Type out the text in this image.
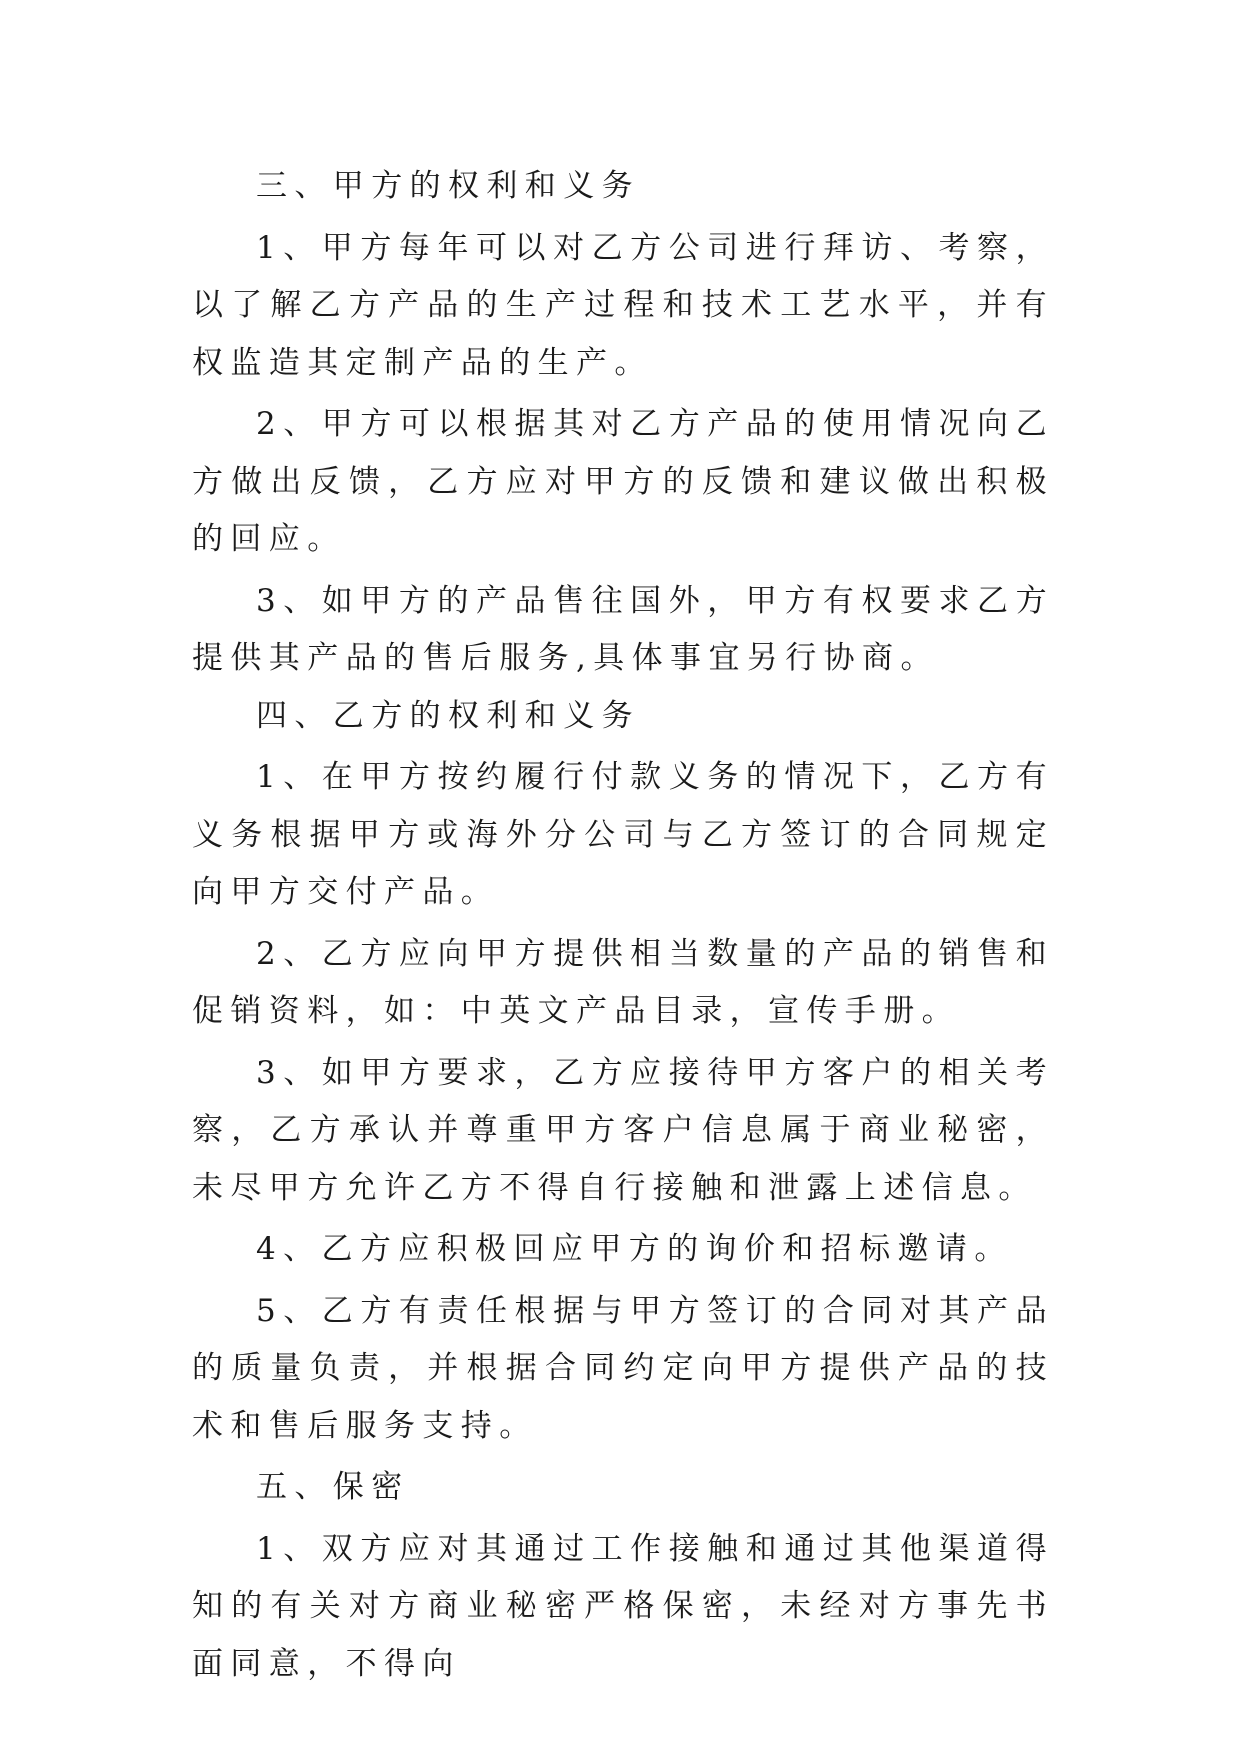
三、甲方的权利和义务

1、甲方每年可以对乙方公司进行拜访、考察，以了解乙方产品的生产过程和技术工艺水平，并有权监造其定制产品的生产。

2、甲方可以根据其对乙方产品的使用情况向乙方做出反馈，乙方应对甲方的反馈和建议做出积极的回应。

3、如甲方的产品售往国外，甲方有权要求乙方提供其产品的售后服务,具体事宜另行协商。

四、乙方的权利和义务

1、在甲方按约履行付款义务的情况下，乙方有义务根据甲方或海外分公司与乙方签订的合同规定向甲方交付产品。

2、乙方应向甲方提供相当数量的产品的销售和促销资料，如：中英文产品目录，宣传手册。

3、如甲方要求，乙方应接待甲方客户的相关考察，乙方承认并尊重甲方客户信息属于商业秘密，未尽甲方允许乙方不得自行接触和泄露上述信息。

4、乙方应积极回应甲方的询价和招标邀请。

5、乙方有责任根据与甲方签订的合同对其产品的质量负责，并根据合同约定向甲方提供产品的技术和售后服务支持。

五、保密

1、双方应对其通过工作接触和通过其他渠道得知的有关对方商业秘密严格保密，未经对方事先书面同意，不得向
